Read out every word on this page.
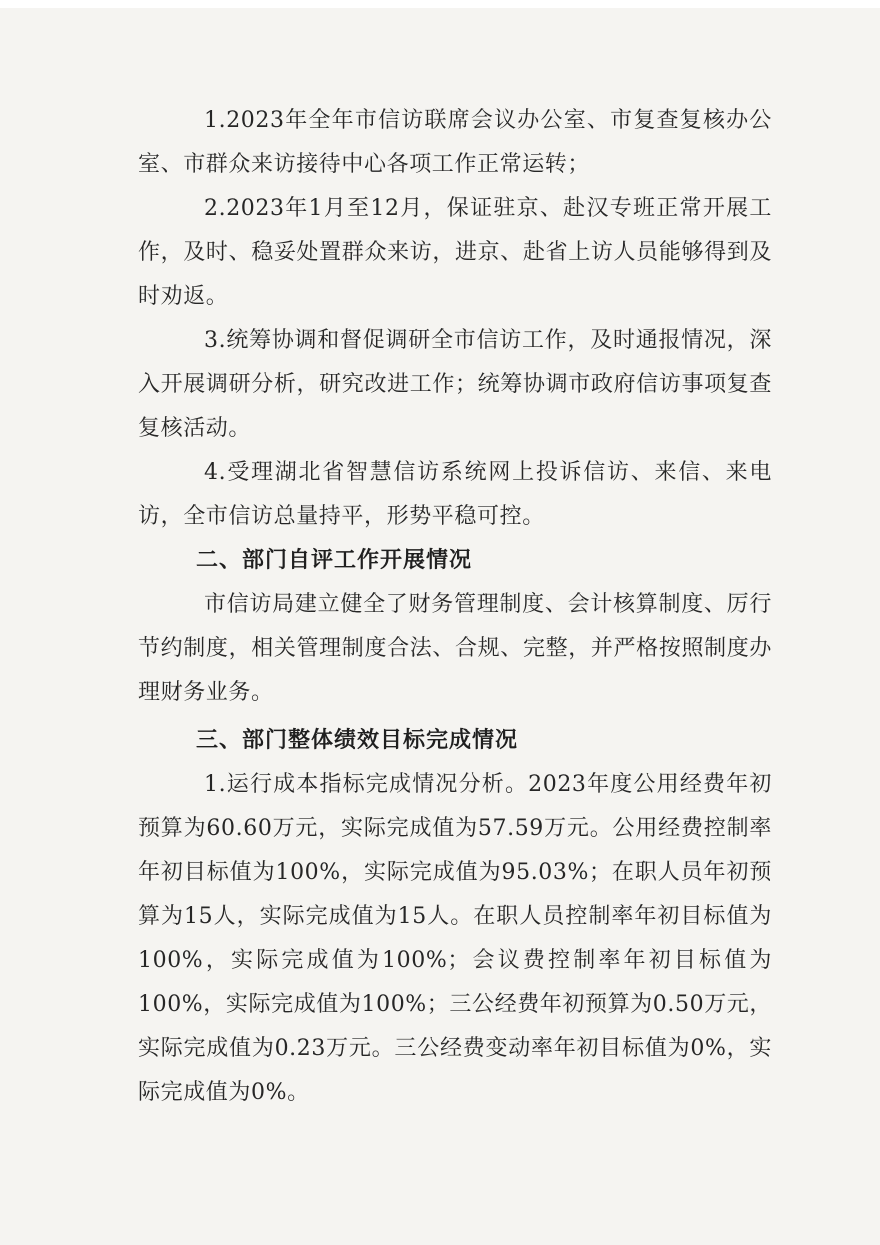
1.2023年全年市信访联席会议办公室、市复查复核办公室、市群众来访接待中心各项工作正常运转；

2.2023年1月至12月，保证驻京、赴汉专班正常开展工作，及时、稳妥处置群众来访，进京、赴省上访人员能够得到及时劝返。

3.统筹协调和督促调研全市信访工作，及时通报情况，深入开展调研分析，研究改进工作；统筹协调市政府信访事项复查复核活动。

4.受理湖北省智慧信访系统网上投诉信访、来信、来电访，全市信访总量持平，形势平稳可控。

二、部门自评工作开展情况

市信访局建立健全了财务管理制度、会计核算制度、厉行节约制度，相关管理制度合法、合规、完整，并严格按照制度办理财务业务。

三、部门整体绩效目标完成情况

1.运行成本指标完成情况分析。2023年度公用经费年初预算为60.60万元，实际完成值为57.59万元。公用经费控制率年初目标值为100%，实际完成值为95.03%；在职人员年初预算为15人，实际完成值为15人。在职人员控制率年初目标值为100%，实际完成值为100%；会议费控制率年初目标值为100%，实际完成值为100%；三公经费年初预算为0.50万元，实际完成值为0.23万元。三公经费变动率年初目标值为0%，实际完成值为0%。
